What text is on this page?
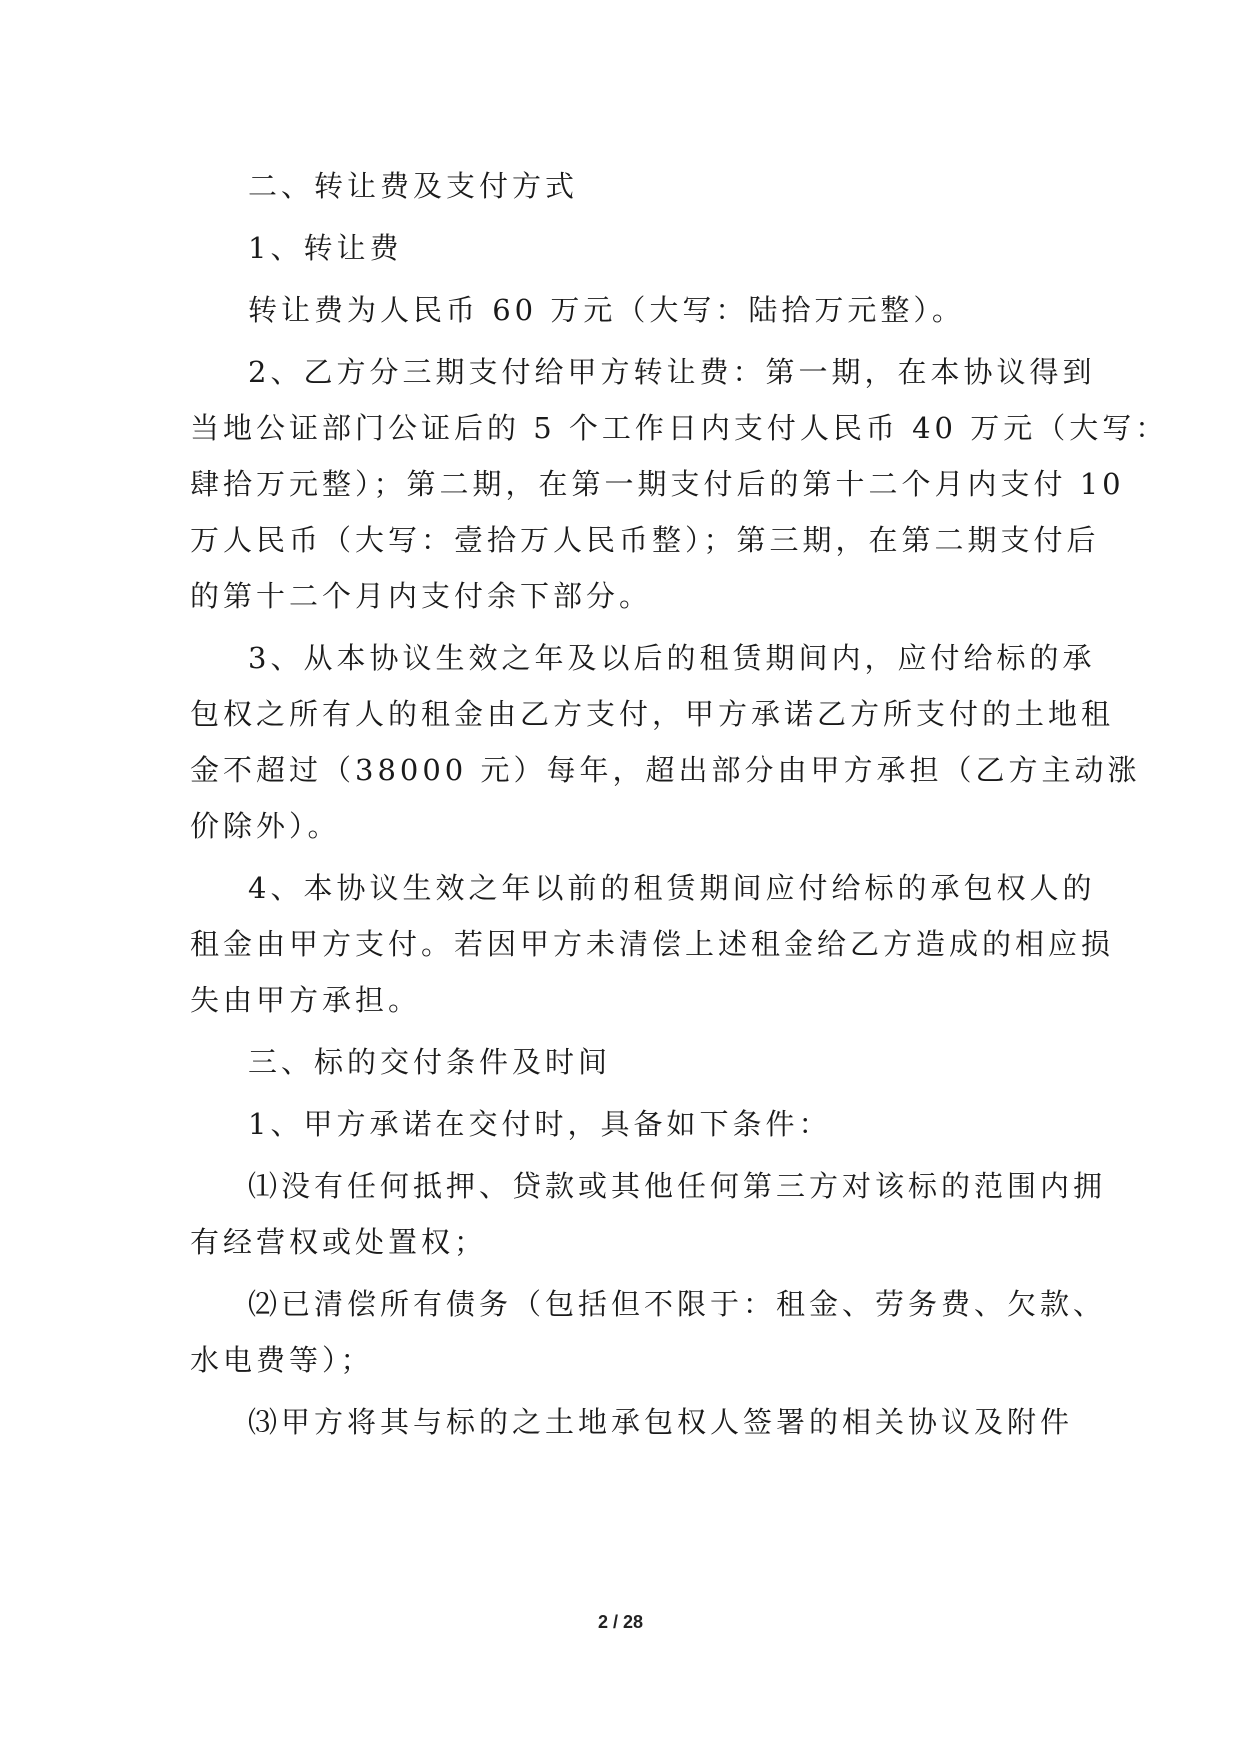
二、转让费及支付方式

1、转让费

转让费为人民币 60 万元（大写：陆拾万元整）。

2、乙方分三期支付给甲方转让费：第一期，在本协议得到
当地公证部门公证后的 5 个工作日内支付人民币 40 万元（大写：
肆拾万元整）；第二期，在第一期支付后的第十二个月内支付 10
万人民币（大写：壹拾万人民币整）；第三期，在第二期支付后
的第十二个月内支付余下部分。

3、从本协议生效之年及以后的租赁期间内，应付给标的承
包权之所有人的租金由乙方支付，甲方承诺乙方所支付的土地租
金不超过（38000 元）每年，超出部分由甲方承担（乙方主动涨
价除外）。

4、本协议生效之年以前的租赁期间应付给标的承包权人的
租金由甲方支付。若因甲方未清偿上述租金给乙方造成的相应损
失由甲方承担。

三、标的交付条件及时间

1、甲方承诺在交付时，具备如下条件：

⑴没有任何抵押、贷款或其他任何第三方对该标的范围内拥
有经营权或处置权；

⑵已清偿所有债务（包括但不限于：租金、劳务费、欠款、
水电费等）；

⑶甲方将其与标的之土地承包权人签署的相关协议及附件

2 / 28
